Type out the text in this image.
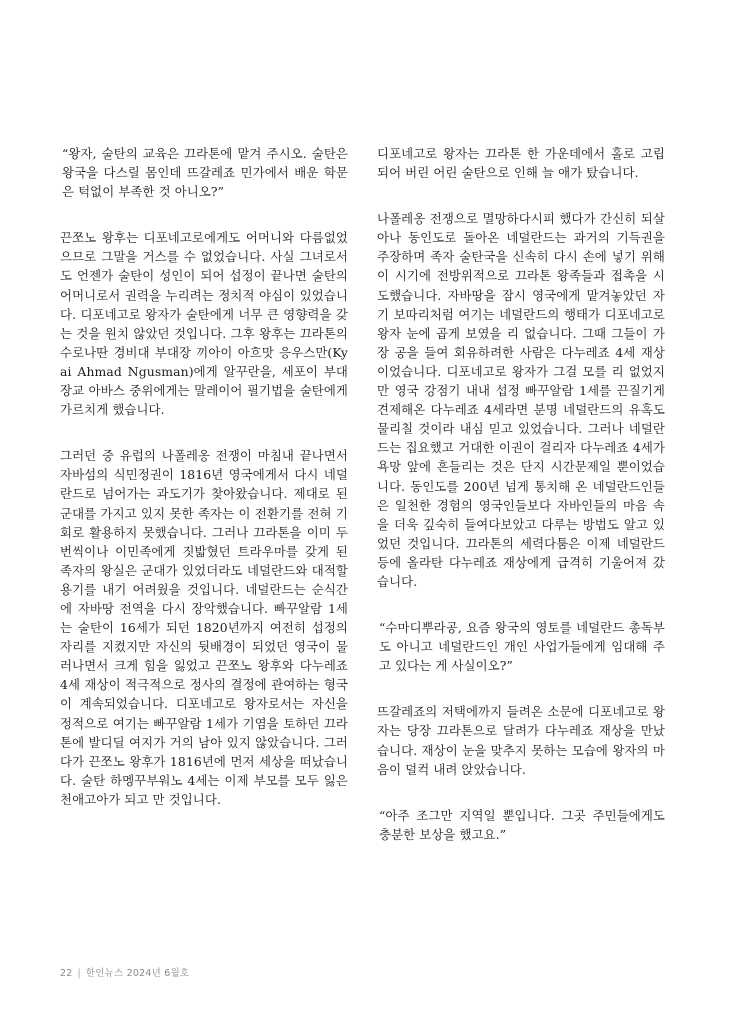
“왕자, 술탄의 교육은 끄라톤에 맡겨 주시오. 술탄은 왕국을 다스릴 몸인데 뜨갈레죠 민가에서 배운 학문은 턱없이 부족한 것 아니오?”

끈쪼노 왕후는 디포네고로에게도 어머니와 다름없었으므로 그말을 거스를 수 없었습니다. 사실 그녀로서도 언젠가 술탄이 성인이 되어 섭정이 끝나면 술탄의 어머니로서 권력을 누리려는 정치적 야심이 있었습니다. 디포네고로 왕자가 술탄에게 너무 큰 영향력을 갖는 것을 원치 않았던 것입니다. 그후 왕후는 끄라톤의 수로나딴 경비대 부대장 끼아이 아흐맛 응우스만(Kyai Ahmad Ngusman)에게 알꾸란을, 세포이 부대장교 아바스 중위에게는 말레이어 필기법을 술탄에게 가르치게 했습니다.

그러던 중 유럽의 나폴레옹 전쟁이 마침내 끝나면서 자바섬의 식민정권이 1816년 영국에게서 다시 네덜란드로 넘어가는 과도기가 찾아왔습니다. 제대로 된 군대를 가지고 있지 못한 족자는 이 전환기를 전혀 기회로 활용하지 못했습니다. 그러나 끄라톤을 이미 두 번씩이나 이민족에게 짓밟혔던 트라우마를 갖게 된 족자의 왕실은 군대가 있었더라도 네덜란드와 대적할 용기를 내기 어려웠을 것입니다. 네덜란드는 순식간에 자바땅 전역을 다시 장악했습니다. 빠꾸알람 1세는 술탄이 16세가 되던 1820년까지 여전히 섭정의 자리를 지켰지만 자신의 뒷배경이 되었던 영국이 물러나면서 크게 힘을 잃었고 끈쪼노 왕후와 다누레죠 4세 재상이 적극적으로 정사의 결정에 관여하는 형국이 계속되었습니다. 디포네고로 왕자로서는 자신을 정적으로 여기는 빠꾸알람 1세가 기염을 토하던 끄라톤에 발디딜 여지가 거의 남아 있지 않았습니다. 그러다가 끈쪼노 왕후가 1816년에 먼저 세상을 떠났습니다. 술탄 하멩꾸부워노 4세는 이제 부모를 모두 잃은 천애고아가 되고 만 것입니다.

디포네고로 왕자는 끄라톤 한 가운데에서 홀로 고립되어 버린 어린 술탄으로 인해 늘 애가 탔습니다.

나폴레옹 전쟁으로 멸망하다시피 했다가 간신히 되살아나 동인도로 돌아온 네덜란드는 과거의 기득권을 주장하며 족자 술탄국을 신속히 다시 손에 넣기 위해 이 시기에 전방위적으로 끄라톤 왕족들과 접촉을 시도했습니다. 자바땅을 잠시 영국에게 맡겨놓았던 자기 보따리처럼 여기는 네덜란드의 행태가 디포네고로 왕자 눈에 곱게 보였을 리 없습니다. 그때 그들이 가장 공을 들여 회유하려한 사람은 다누레죠 4세 재상이었습니다. 디포네고로 왕자가 그걸 모를 리 없었지만 영국 강점기 내내 섭정 빠꾸알람 1세를 끈질기게 견제해온 다누레죠 4세라면 분명 네덜란드의 유혹도 물리칠 것이라 내심 믿고 있었습니다. 그러나 네덜란드는 집요했고 거대한 이권이 걸리자 다누레죠 4세가 욕망 앞에 흔들리는 것은 단지 시간문제일 뿐이었습니다. 동인도를 200년 넘게 통치해 온 네덜란드인들은 일천한 경험의 영국인들보다 자바인들의 마음 속을 더욱 깊숙히 들여다보았고 다루는 방법도 알고 있었던 것입니다. 끄라톤의 세력다툼은 이제 네덜란드 등에 올라탄 다누레죠 재상에게 급격히 기울어져 갔습니다.

“수마디뿌라공, 요즘 왕국의 영토를 네덜란드 총독부도 아니고 네덜란드인 개인 사업가들에게 임대해 주고 있다는 게 사실이오?”

뜨갈레죠의 저택에까지 들려온 소문에 디포네고로 왕자는 당장 끄라톤으로 달려가 다누레죠 재상을 만났습니다. 재상이 눈을 맞추지 못하는 모습에 왕자의 마음이 덜컥 내려 앉았습니다.

“아주 조그만 지역일 뿐입니다. 그곳 주민들에게도 충분한 보상을 했고요.”

22 | 한인뉴스 2024년 6월호
